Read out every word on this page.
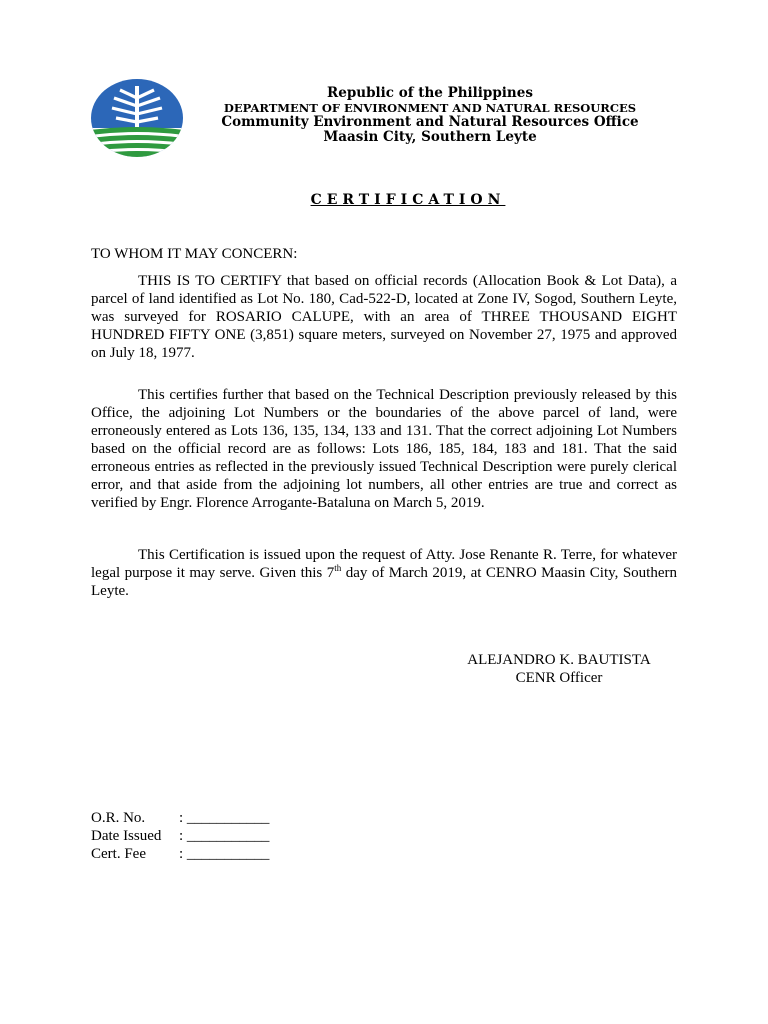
Republic of the Philippines
DEPARTMENT OF ENVIRONMENT AND NATURAL RESOURCES
Community Environment and Natural Resources Office
Maasin City, Southern Leyte
CERTIFICATION
TO WHOM IT MAY CONCERN:

THIS IS TO CERTIFY that based on official records (Allocation Book & Lot Data), a parcel of land identified as Lot No. 180, Cad-522-D, located at Zone IV, Sogod, Southern Leyte, was surveyed for ROSARIO CALUPE, with an area of THREE THOUSAND EIGHT HUNDRED FIFTY ONE (3,851) square meters, surveyed on November 27, 1975 and approved on July 18, 1977.

This certifies further that based on the Technical Description previously released by this Office, the adjoining Lot Numbers or the boundaries of the above parcel of land, were erroneously entered as Lots 136, 135, 134, 133 and 131. That the correct adjoining Lot Numbers based on the official record are as follows: Lots 186, 185, 184, 183 and 181. That the said erroneous entries as reflected in the previously issued Technical Description were purely clerical error, and that aside from the adjoining lot numbers, all other entries are true and correct as verified by Engr. Florence Arrogante-Bataluna on March 5, 2019.

This Certification is issued upon the request of Atty. Jose Renante R. Terre, for whatever legal purpose it may serve. Given this 7th day of March 2019, at CENRO Maasin City, Southern Leyte.

ALEJANDRO K. BAUTISTA
CENR Officer
O.R. No.	: ___________
Date Issued	: ___________
Cert. Fee	: ___________
